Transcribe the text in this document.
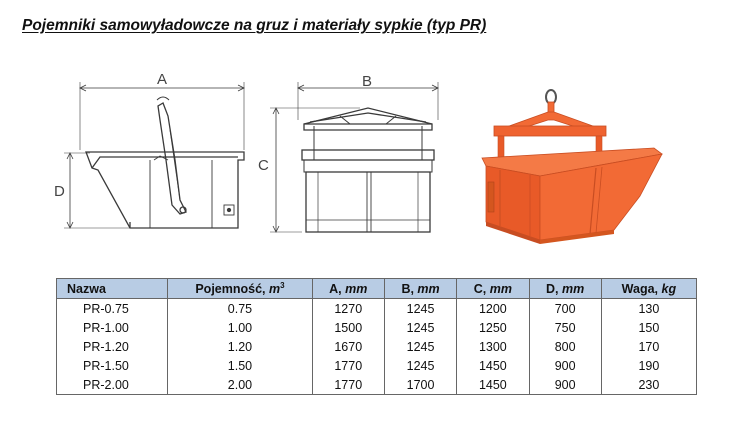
Pojemniki samowyładowcze na gruz i materiały sypkie (typ PR)
A
D
B
C
Nazwa	Pojemność, $m^3$	A, mm	B, mm	C, mm	D, mm	Waga, kg
PR-0.75	0.75	1270	1245	1200	700	130
PR-1.00	1.00	1500	1245	1250	750	150
PR-1.20	1.20	1670	1245	1300	800	170
PR-1.50	1.50	1770	1245	1450	900	190
PR-2.00	2.00	1770	1700	1450	900	230
